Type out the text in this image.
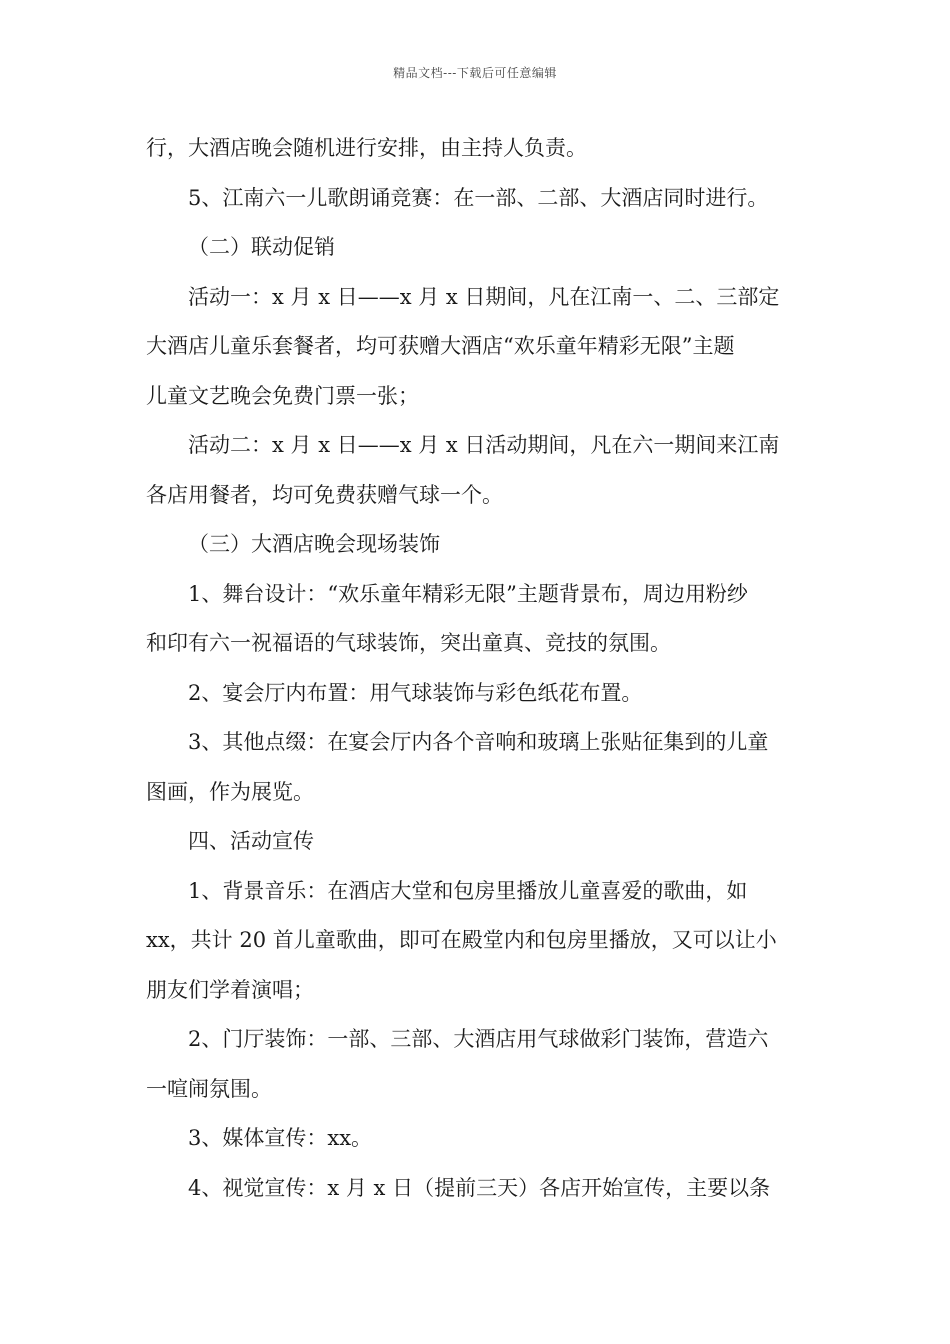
精品文档---下载后可任意编辑

行，大酒店晚会随机进行安排，由主持人负责。

5、江南六一儿歌朗诵竞赛：在一部、二部、大酒店同时进行。

（二）联动促销

活动一：x 月 x 日——x 月 x 日期间，凡在江南一、二、三部定

大酒店儿童乐套餐者，均可获赠大酒店“欢乐童年精彩无限”主题

儿童文艺晚会免费门票一张；

活动二：x 月 x 日——x 月 x 日活动期间，凡在六一期间来江南

各店用餐者，均可免费获赠气球一个。

（三）大酒店晚会现场装饰

1、舞台设计：“欢乐童年精彩无限”主题背景布，周边用粉纱

和印有六一祝福语的气球装饰，突出童真、竞技的氛围。

2、宴会厅内布置：用气球装饰与彩色纸花布置。

3、其他点缀：在宴会厅内各个音响和玻璃上张贴征集到的儿童

图画，作为展览。

四、活动宣传

1、背景音乐：在酒店大堂和包房里播放儿童喜爱的歌曲，如

xx，共计 20 首儿童歌曲，即可在殿堂内和包房里播放，又可以让小

朋友们学着演唱；

2、门厅装饰：一部、三部、大酒店用气球做彩门装饰，营造六

一喧闹氛围。

3、媒体宣传：xx。

4、视觉宣传：x 月 x 日（提前三天）各店开始宣传，主要以条
